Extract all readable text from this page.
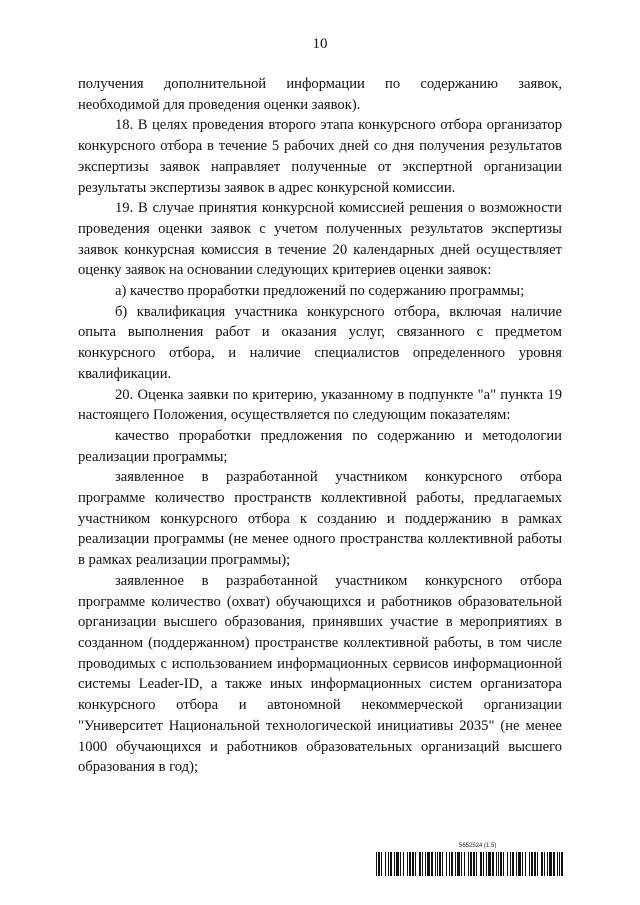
10

получения дополнительной информации по содержанию заявок, необходимой для проведения оценки заявок).

18. В целях проведения второго этапа конкурсного отбора организатор конкурсного отбора в течение 5 рабочих дней со дня получения результатов экспертизы заявок направляет полученные от экспертной организации результаты экспертизы заявок в адрес конкурсной комиссии.

19. В случае принятия конкурсной комиссией решения о возможности проведения оценки заявок с учетом полученных результатов экспертизы заявок конкурсная комиссия в течение 20 календарных дней осуществляет оценку заявок на основании следующих критериев оценки заявок:

а) качество проработки предложений по содержанию программы;

б) квалификация участника конкурсного отбора, включая наличие опыта выполнения работ и оказания услуг, связанного с предметом конкурсного отбора, и наличие специалистов определенного уровня квалификации.

20. Оценка заявки по критерию, указанному в подпункте "а" пункта 19 настоящего Положения, осуществляется по следующим показателям:

качество проработки предложения по содержанию и методологии реализации программы;

заявленное в разработанной участником конкурсного отбора программе количество пространств коллективной работы, предлагаемых участником конкурсного отбора к созданию и поддержанию в рамках реализации программы (не менее одного пространства коллективной работы в рамках реализации программы);

заявленное в разработанной участником конкурсного отбора программе количество (охват) обучающихся и работников образовательной организации высшего образования, принявших участие в мероприятиях в созданном (поддержанном) пространстве коллективной работы, в том числе проводимых с использованием информационных сервисов информационной системы Leader-ID, а также иных информационных систем организатора конкурсного отбора и автономной некоммерческой организации "Университет Национальной технологической инициативы 2035" (не менее 1000 обучающихся и работников образовательных организаций высшего образования в год);

5652524 (1.5)
